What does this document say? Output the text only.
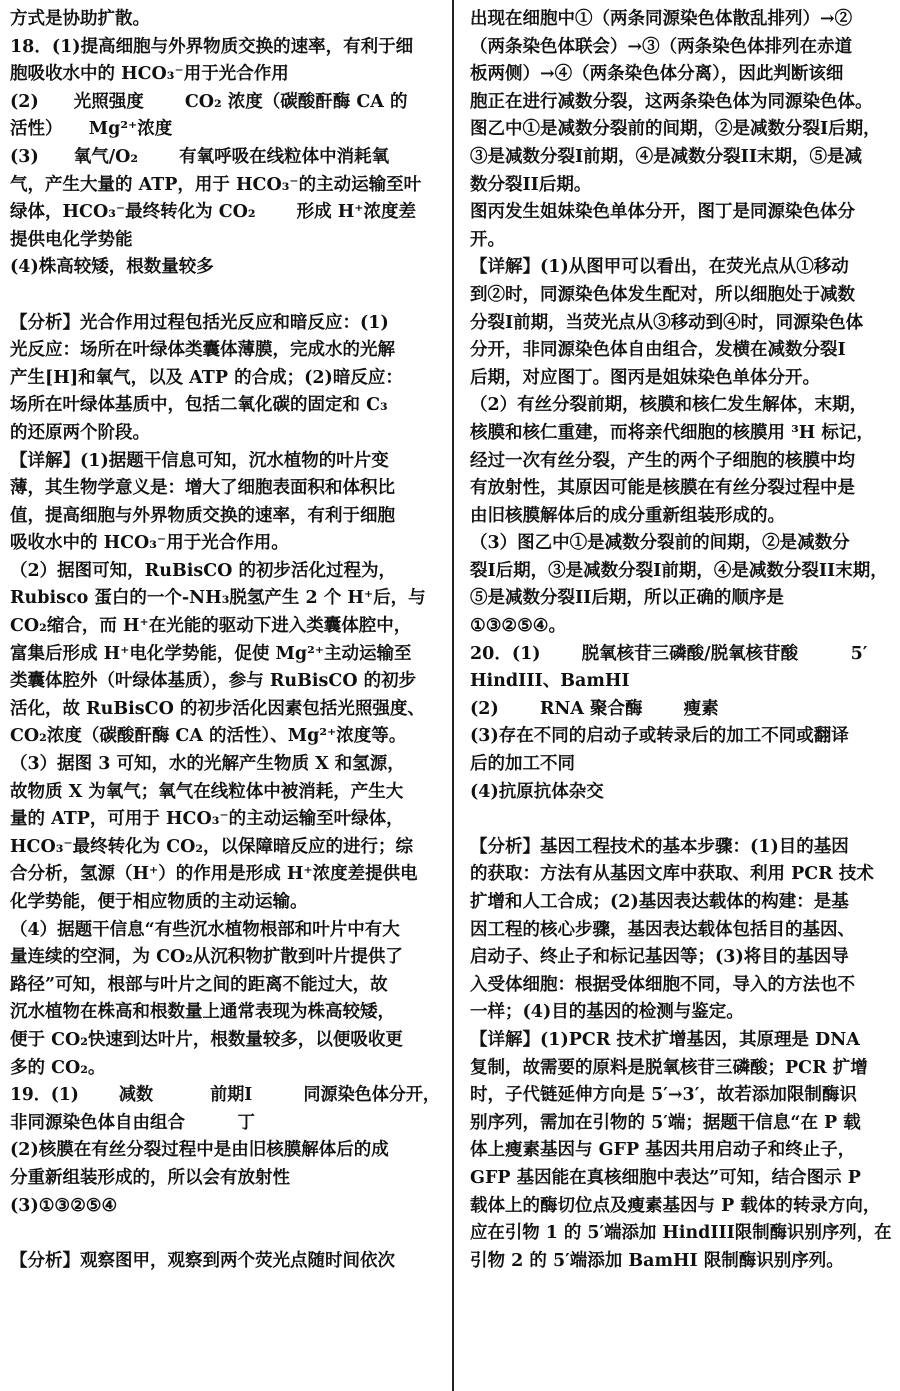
方式是协助扩散。
18．(1)提高细胞与外界物质交换的速率，有利于细
胞吸收水中的 HCO₃⁻用于光合作用
(2)　　光照强度　　 CO₂ 浓度（碳酸酐酶 CA 的
活性）　　Mg²⁺浓度
(3)　　氧气/O₂　　 有氧呼吸在线粒体中消耗氧
气，产生大量的 ATP，用于 HCO₃⁻的主动运输至叶
绿体，HCO₃⁻最终转化为 CO₂　　 形成 H⁺浓度差
提供电化学势能
(4)株高较矮，根数量较多
【分析】光合作用过程包括光反应和暗反应：(1)
光反应：场所在叶绿体类囊体薄膜，完成水的光解
产生[H]和氧气，以及 ATP 的合成；(2)暗反应：
场所在叶绿体基质中，包括二氧化碳的固定和 C₃
的还原两个阶段。
【详解】(1)据题干信息可知，沉水植物的叶片变
薄，其生物学意义是：增大了细胞表面积和体积比
值，提高细胞与外界物质交换的速率，有利于细胞
吸收水中的 HCO₃⁻用于光合作用。
（2）据图可知，RuBisCO 的初步活化过程为，
Rubisco 蛋白的一个-NH₃脱氢产生 2 个 H⁺后，与
CO₂缩合，而 H⁺在光能的驱动下进入类囊体腔中，
富集后形成 H⁺电化学势能，促使 Mg²⁺主动运输至
类囊体腔外（叶绿体基质），参与 RuBisCO 的初步
活化，故 RuBisCO 的初步活化因素包括光照强度、
CO₂浓度（碳酸酐酶 CA 的活性）、Mg²⁺浓度等。
（3）据图 3 可知，水的光解产生物质 X 和氢源，
故物质 X 为氧气；氧气在线粒体中被消耗，产生大
量的 ATP，可用于 HCO₃⁻的主动运输至叶绿体，
HCO₃⁻最终转化为 CO₂，以保障暗反应的进行；综
合分析，氢源（H⁺）的作用是形成 H⁺浓度差提供电
化学势能，便于相应物质的主动运输。
（4）据题干信息“有些沉水植物根部和叶片中有大
量连续的空洞，为 CO₂从沉积物扩散到叶片提供了
路径”可知，根部与叶片之间的距离不能过大，故
沉水植物在株高和根数量上通常表现为株高较矮，
便于 CO₂快速到达叶片，根数量较多，以便吸收更
多的 CO₂。
19．(1)　　 减数　　　 前期I　　　同源染色体分开，
非同源染色体自由组合　　　丁
(2)核膜在有丝分裂过程中是由旧核膜解体后的成
分重新组装形成的，所以会有放射性
(3)①③②⑤④
【分析】观察图甲，观察到两个荧光点随时间依次
出现在细胞中①（两条同源染色体散乱排列）→②
（两条染色体联会）→③（两条染色体排列在赤道
板两侧）→④（两条染色体分离），因此判断该细
胞正在进行减数分裂，这两条染色体为同源染色体。
图乙中①是减数分裂前的间期，②是减数分裂I后期，
③是减数分裂I前期，④是减数分裂II末期，⑤是减
数分裂II后期。
图丙发生姐妹染色单体分开，图丁是同源染色体分
开。
【详解】(1)从图甲可以看出，在荧光点从①移动
到②时，同源染色体发生配对，所以细胞处于减数
分裂I前期，当荧光点从③移动到④时，同源染色体
分开，非同源染色体自由组合，发横在减数分裂I
后期，对应图丁。图丙是姐妹染色单体分开。
（2）有丝分裂前期，核膜和核仁发生解体，末期，
核膜和核仁重建，而将亲代细胞的核膜用 ³H 标记，
经过一次有丝分裂，产生的两个子细胞的核膜中均
有放射性，其原因可能是核膜在有丝分裂过程中是
由旧核膜解体后的成分重新组装形成的。
（3）图乙中①是减数分裂前的间期，②是减数分
裂I后期，③是减数分裂I前期，④是减数分裂II末期，
⑤是减数分裂II后期，所以正确的顺序是
①③②⑤④。
20．(1)　　 脱氧核苷三磷酸/脱氧核苷酸　　　5′
HindIII、BamHI
(2)　　 RNA 聚合酶　　 瘦素
(3)存在不同的启动子或转录后的加工不同或翻译
后的加工不同
(4)抗原抗体杂交
【分析】基因工程技术的基本步骤：(1)目的基因
的获取：方法有从基因文库中获取、利用 PCR 技术
扩增和人工合成；(2)基因表达载体的构建：是基
因工程的核心步骤，基因表达载体包括目的基因、
启动子、终止子和标记基因等；(3)将目的基因导
入受体细胞：根据受体细胞不同，导入的方法也不
一样；(4)目的基因的检测与鉴定。
【详解】(1)PCR 技术扩增基因，其原理是 DNA
复制，故需要的原料是脱氧核苷三磷酸；PCR 扩增
时，子代链延伸方向是 5′→3′，故若添加限制酶识
别序列，需加在引物的 5′端；据题干信息“在 P 载
体上瘦素基因与 GFP 基因共用启动子和终止子，
GFP 基因能在真核细胞中表达”可知，结合图示 P
载体上的酶切位点及瘦素基因与 P 载体的转录方向，
应在引物 1 的 5′端添加 HindIII限制酶识别序列，在
引物 2 的 5′端添加 BamHI 限制酶识别序列。
